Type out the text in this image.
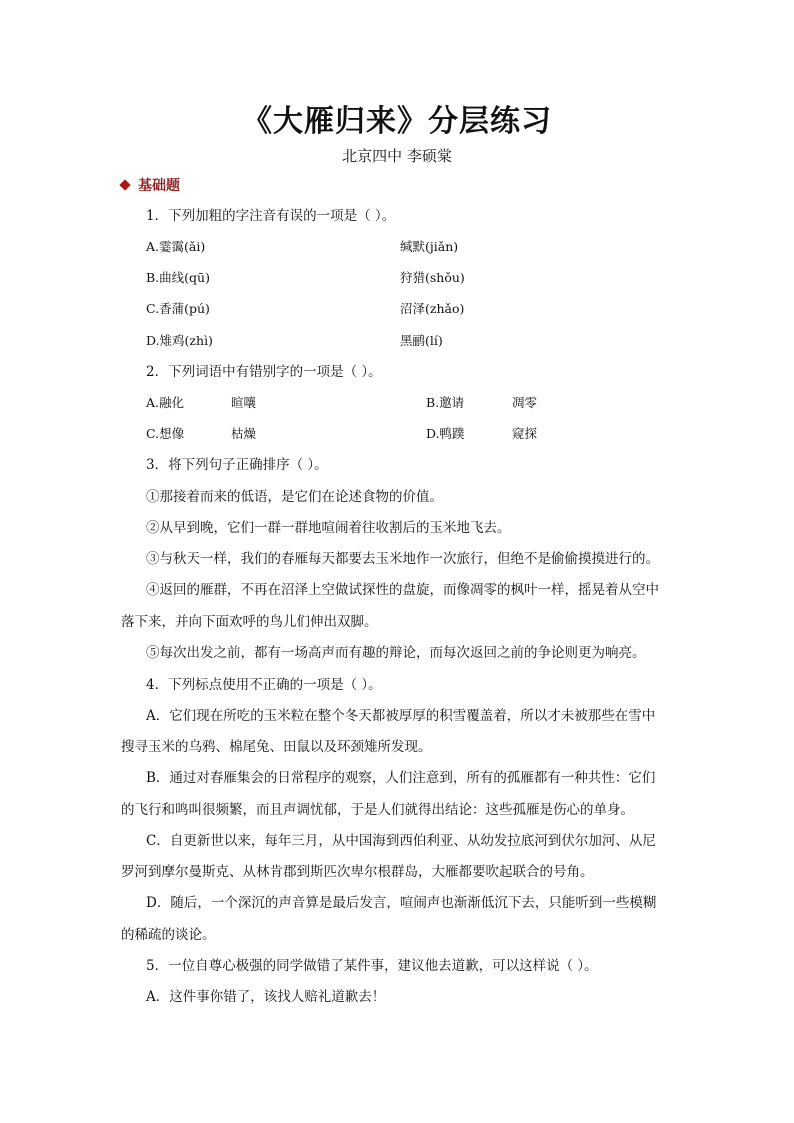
《大雁归来》分层练习
北京四中 李硕棠
基础题
1．下列加粗的字注音有误的一项是（ ）。
A.霎霭(ǎi)	缄默(jiǎn)
B.曲线(qū)	狩猎(shǒu)
C.香蒲(pú)	沼泽(zhǎo)
D.雉鸡(zhì)	黑鹂(lí)
2．下列词语中有错别字的一项是（ ）。
A.融化	暄嚷	B.邀请	凋零
C.想像	枯燥	D.鸭蹼	窥探
3．将下列句子正确排序（ ）。
①那接着而来的低语，是它们在论述食物的价值。
②从早到晚，它们一群一群地喧闹着往收割后的玉米地飞去。
③与秋天一样，我们的春雁每天都要去玉米地作一次旅行，但绝不是偷偷摸摸进行的。
④返回的雁群，不再在沼泽上空做试探性的盘旋，而像凋零的枫叶一样，摇晃着从空中
落下来，并向下面欢呼的鸟儿们伸出双脚。
⑤每次出发之前，都有一场高声而有趣的辩论，而每次返回之前的争论则更为响亮。
4．下列标点使用不正确的一项是（ ）。
A．它们现在所吃的玉米粒在整个冬天都被厚厚的积雪覆盖着，所以才未被那些在雪中
搜寻玉米的乌鸦、棉尾兔、田鼠以及环颈雉所发现。
B．通过对春雁集会的日常程序的观察，人们注意到，所有的孤雁都有一种共性：它们
的飞行和鸣叫很频繁，而且声调忧郁，于是人们就得出结论：这些孤雁是伤心的单身。
C．自更新世以来，每年三月，从中国海到西伯利亚、从幼发拉底河到伏尔加河、从尼
罗河到摩尔曼斯克、从林肯郡到斯匹次卑尔根群岛，大雁都要吹起联合的号角。
D．随后，一个深沉的声音算是最后发言，喧闹声也渐渐低沉下去，只能听到一些模糊
的稀疏的谈论。
5．一位自尊心极强的同学做错了某件事，建议他去道歉，可以这样说（ ）。
A．这件事你错了，该找人赔礼道歉去！
